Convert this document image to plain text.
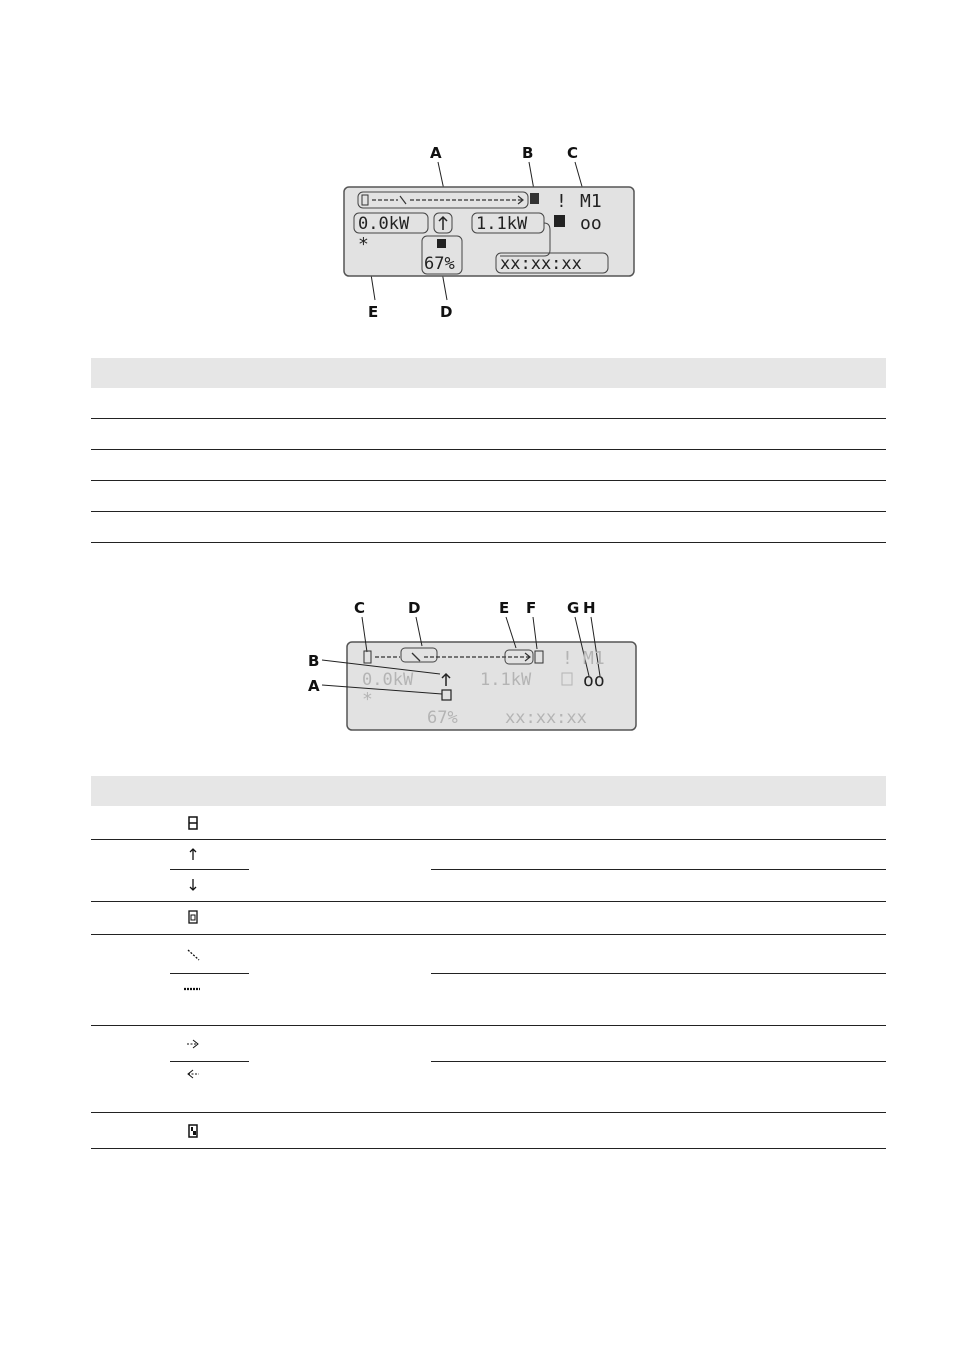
A	B C
E	D
! M1
oo
0.0kW	1.1kW
*
67%	xx:xx:xx
C	D	E F G H
B
A
! M1
oo
0.0kW	1.1kW
*
67%	xx:xx:xx
